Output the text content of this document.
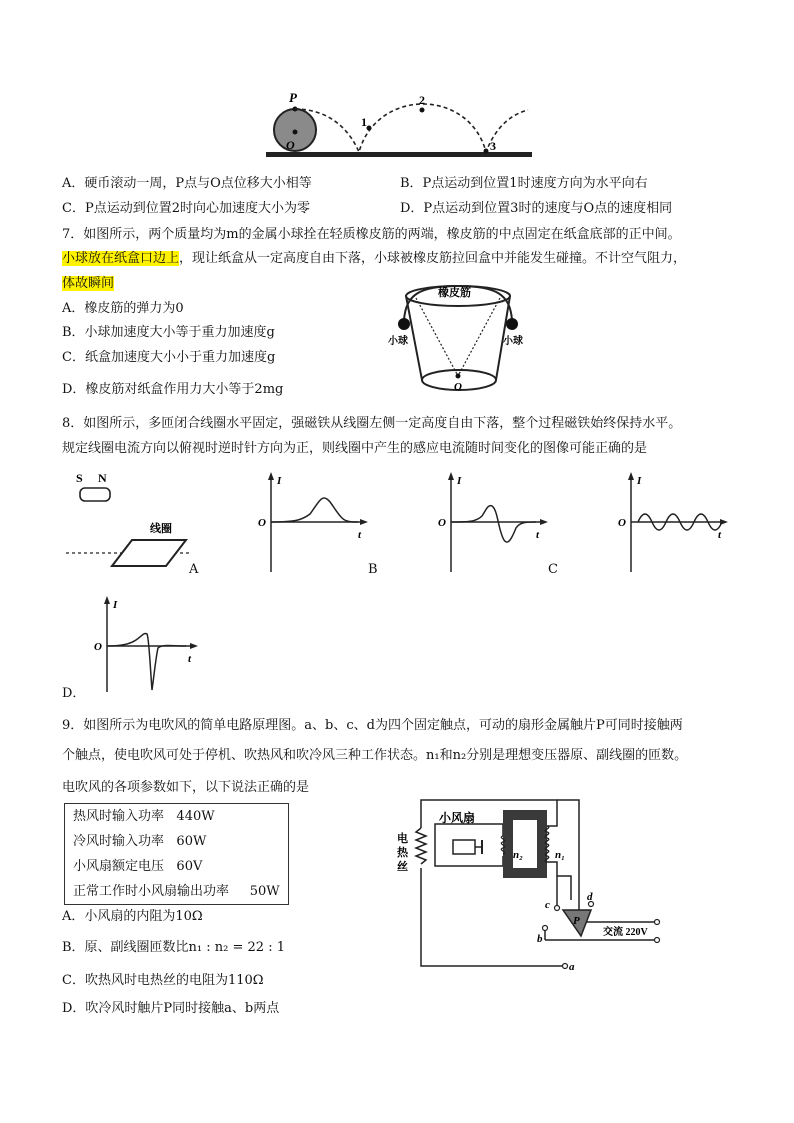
P
O
1
2
3
A．硬币滚动一周，P点与O点位移大小相等	B．P点运动到位置1时速度方向为水平向右
C．P点运动到位置2时向心加速度大小为零	D．P点运动到位置3时的速度与O点的速度相同
7．如图所示，两个质量均为m的金属小球拴在轻质橡皮筋的两端，橡皮筋的中点固定在纸盒底部的正中间。
小球放在纸盒口边上，现让纸盒从一定高度自由下落，小球被橡皮筋拉回盒中并能发生碰撞。不计空气阻力，
体故瞬间
A．橡皮筋的弹力为0
B．小球加速度大小等于重力加速度g
C．纸盒加速度大小小于重力加速度g
D．橡皮筋对纸盒作用力大小等于2mg
橡皮筋
小球	小球
O
8．如图所示，多匝闭合线圈水平固定，强磁铁从线圈左侧一定高度自由下落，整个过程磁铁始终保持水平。
规定线圈电流方向以俯视时逆时针方向为正，则线圈中产生的感应电流随时间变化的图像可能正确的是
S N
线圈
A	B	C
D．
I
O
t
I
O
t
I
O
t
I
O
t
9．如图所示为电吹风的简单电路原理图。a、b、c、d为四个固定触点，可动的扇形金属触片P可同时接触两
个触点，使电吹风可处于停机、吹热风和吹冷风三种工作状态。n₁和n₂分别是理想变压器原、副线圈的匝数。
电吹风的各项参数如下，以下说法正确的是
热风时输入功率 440W
冷风时输入功率 60W
小风扇额定电压 60V
正常工作时小风扇输出功率 50W
A．小风扇的内阻为10Ω
B．原、副线圈匝数比n₁ : n₂ = 22 : 1
C．吹热风时电热丝的电阻为110Ω
D．吹冷风时触片P同时接触a、b两点
电
热
丝
小风扇
n₂	n₁
P
a
b
c
d
交流 220V
